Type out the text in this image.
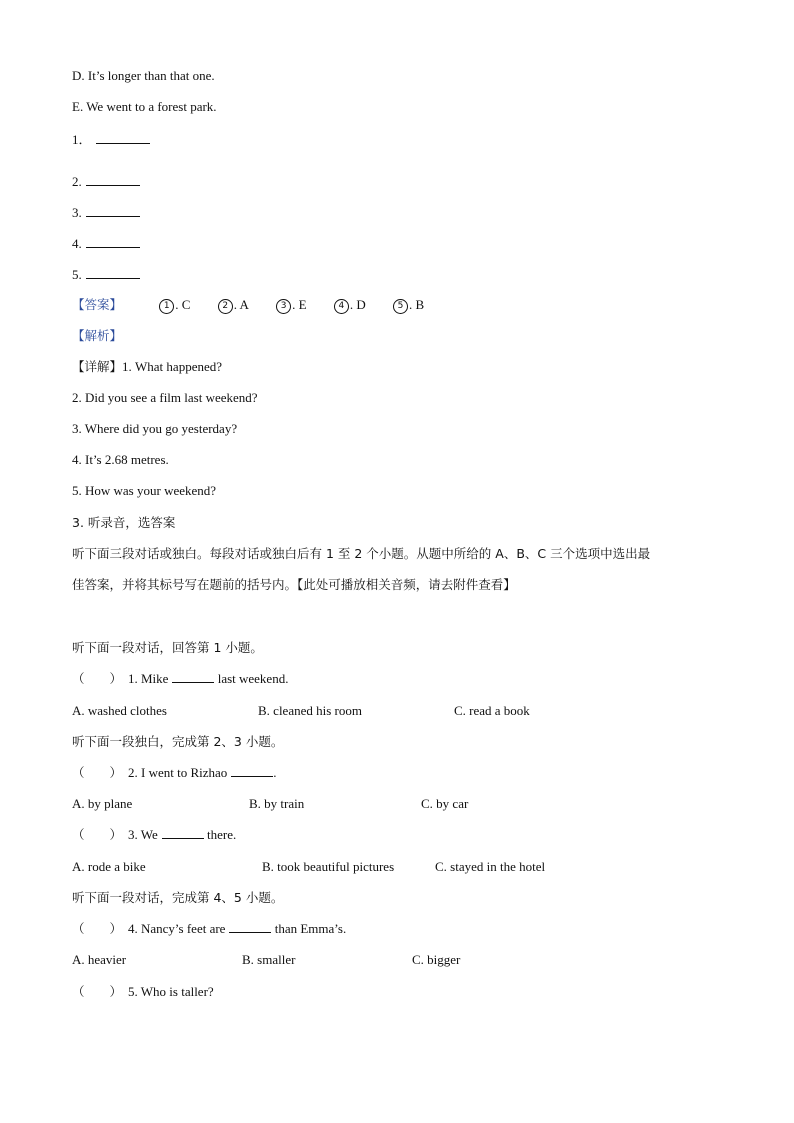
D. It’s longer than that one.
E. We went to a forest park.
1．
2.
3.
4.
5.
【答案】	1 . C	2 . A	3 . E	4 . D	5 . B
【解析】
【详解】1. What happened?
2. Did you see a film last weekend?
3. Where did you go yesterday?
4. It’s 2.68 metres.
5. How was your weekend?
3. 听录音，选答案
听下面三段对话或独白。每段对话或独白后有 1 至 2 个小题。从题中所给的 A、B、C 三个选项中选出最
佳答案，并将其标号写在题前的括号内。【此处可播放相关音频，请去附件查看】
听下面一段对话，回答第 1 小题。
（　　） 1. Mike	last weekend.
A. washed clothes	B. cleaned his room	C. read a book
听下面一段独白，完成第 2、3 小题。
（　　） 2. I went to Rizhao	.
A. by plane	B. by train	C. by car
（　　） 3. We	there.
A. rode a bike	B. took beautiful pictures	C. stayed in the hotel
听下面一段对话，完成第 4、5 小题。
（　　） 4. Nancy’s feet are	than Emma’s.
A. heavier	B. smaller	C. bigger
（　　） 5. Who is taller?
